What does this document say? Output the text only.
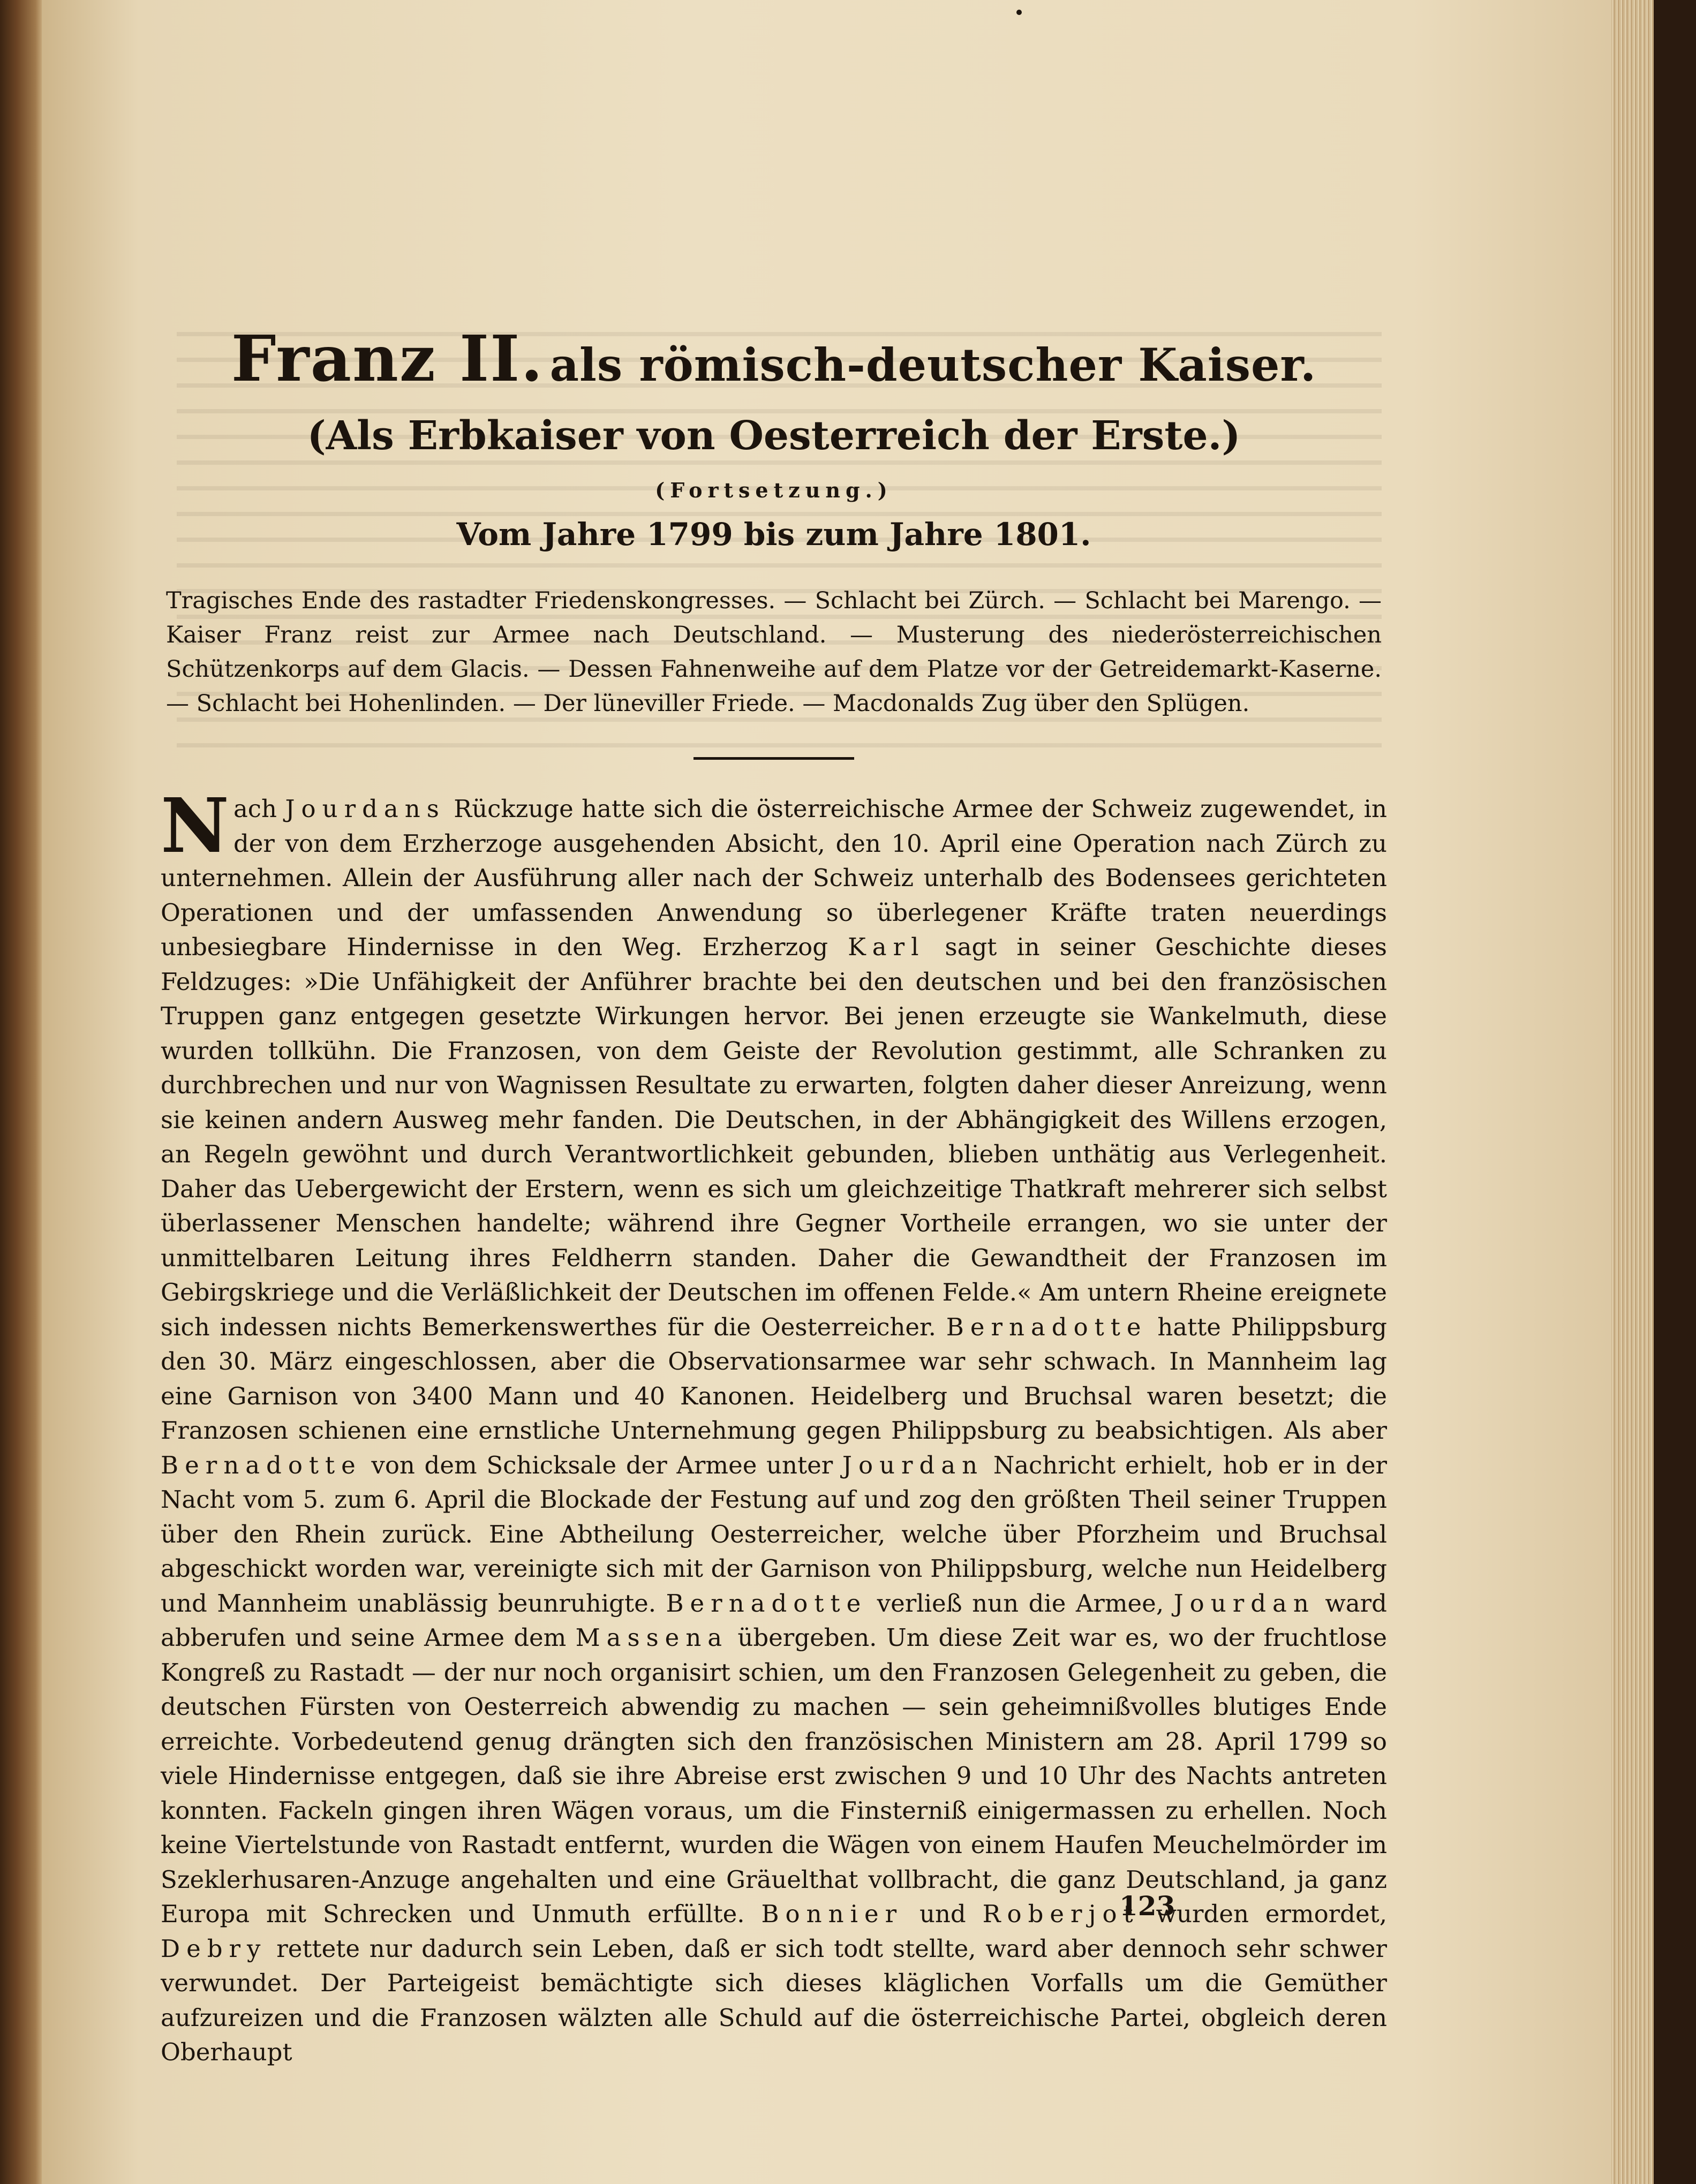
Franz II. als römisch-deutscher Kaiser.
(Als Erbkaiser von Oesterreich der Erste.)
(Fortsetzung.)
Vom Jahre 1799 bis zum Jahre 1801.

Tragisches Ende des rastadter Friedenskongresses. — Schlacht bei Zürch. — Schlacht bei Marengo. — Kaiser Franz reist zur Armee nach Deutschland. — Musterung des niederösterreichischen Schützenkorps auf dem Glacis. — Dessen Fahnenweihe auf dem Platze vor der Getreidemarkt-Kaserne. — Schlacht bei Hohenlinden. — Der lüneviller Friede. — Macdonalds Zug über den Splügen.

Nach Jourdans Rückzuge hatte sich die österreichische Armee der Schweiz zugewendet, in der von dem Erzherzoge ausgehenden Absicht, den 10. April eine Operation nach Zürch zu unternehmen. Allein der Ausführung aller nach der Schweiz unterhalb des Bodensees gerichteten Operationen und der umfassenden Anwendung so überlegener Kräfte traten neuerdings unbesiegbare Hindernisse in den Weg. Erzherzog Karl sagt in seiner Geschichte dieses Feldzuges: »Die Unfähigkeit der Anführer brachte bei den deutschen und bei den französischen Truppen ganz entgegen gesetzte Wirkungen hervor. Bei jenen erzeugte sie Wankelmuth, diese wurden tollkühn. Die Franzosen, von dem Geiste der Revolution gestimmt, alle Schranken zu durchbrechen und nur von Wagnissen Resultate zu erwarten, folgten daher dieser Anreizung, wenn sie keinen andern Ausweg mehr fanden. Die Deutschen, in der Abhängigkeit des Willens erzogen, an Regeln gewöhnt und durch Verantwortlichkeit gebunden, blieben unthätig aus Verlegenheit. Daher das Uebergewicht der Erstern, wenn es sich um gleichzeitige Thatkraft mehrerer sich selbst überlassener Menschen handelte; während ihre Gegner Vortheile errangen, wo sie unter der unmittelbaren Leitung ihres Feldherrn standen. Daher die Gewandtheit der Franzosen im Gebirgskriege und die Verläßlichkeit der Deutschen im offenen Felde.« Am untern Rheine ereignete sich indessen nichts Bemerkenswerthes für die Oesterreicher. Bernadotte hatte Philippsburg den 30. März eingeschlossen, aber die Observationsarmee war sehr schwach. In Mannheim lag eine Garnison von 3400 Mann und 40 Kanonen. Heidelberg und Bruchsal waren besetzt; die Franzosen schienen eine ernstliche Unternehmung gegen Philippsburg zu beabsichtigen. Als aber Bernadotte von dem Schicksale der Armee unter Jourdan Nachricht erhielt, hob er in der Nacht vom 5. zum 6. April die Blockade der Festung auf und zog den größten Theil seiner Truppen über den Rhein zurück. Eine Abtheilung Oesterreicher, welche über Pforzheim und Bruchsal abgeschickt worden war, vereinigte sich mit der Garnison von Philippsburg, welche nun Heidelberg und Mannheim unablässig beunruhigte. Bernadotte verließ nun die Armee, Jourdan ward abberufen und seine Armee dem Massena übergeben. Um diese Zeit war es, wo der fruchtlose Kongreß zu Rastadt — der nur noch organisirt schien, um den Franzosen Gelegenheit zu geben, die deutschen Fürsten von Oesterreich abwendig zu machen — sein geheimnißvolles blutiges Ende erreichte. Vorbedeutend genug drängten sich den französischen Ministern am 28. April 1799 so viele Hindernisse entgegen, daß sie ihre Abreise erst zwischen 9 und 10 Uhr des Nachts antreten konnten. Fackeln gingen ihren Wägen voraus, um die Finsterniß einigermassen zu erhellen. Noch keine Viertelstunde von Rastadt entfernt, wurden die Wägen von einem Haufen Meuchelmörder im Szeklerhusaren-Anzuge angehalten und eine Gräuelthat vollbracht, die ganz Deutschland, ja ganz Europa mit Schrecken und Unmuth erfüllte. Bonnier und Roberjot wurden ermordet, Debry rettete nur dadurch sein Leben, daß er sich todt stellte, ward aber dennoch sehr schwer verwundet. Der Parteigeist bemächtigte sich dieses kläglichen Vorfalls um die Gemüther aufzureizen und die Franzosen wälzten alle Schuld auf die österreichische Partei, obgleich deren Oberhaupt
123
